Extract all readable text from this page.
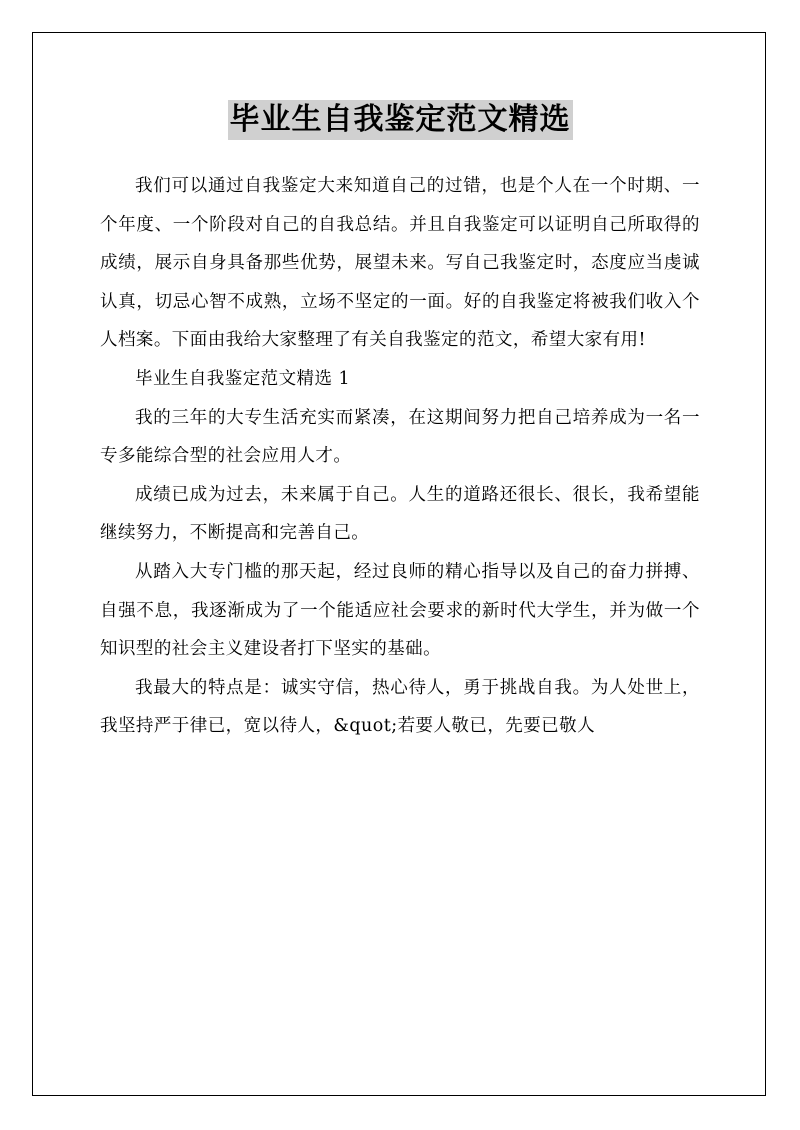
毕业生自我鉴定范文精选

我们可以通过自我鉴定大来知道自己的过错，也是个人在一个时期、一个年度、一个阶段对自己的自我总结。并且自我鉴定可以证明自己所取得的成绩，展示自身具备那些优势，展望未来。写自己我鉴定时，态度应当虔诚认真，切忌心智不成熟，立场不坚定的一面。好的自我鉴定将被我们收入个人档案。下面由我给大家整理了有关自我鉴定的范文，希望大家有用!

毕业生自我鉴定范文精选 1

我的三年的大专生活充实而紧凑，在这期间努力把自己培养成为一名一专多能综合型的社会应用人才。

成绩已成为过去，未来属于自己。人生的道路还很长、很长，我希望能继续努力，不断提高和完善自己。

从踏入大专门槛的那天起，经过良师的精心指导以及自己的奋力拼搏、自强不息，我逐渐成为了一个能适应社会要求的新时代大学生，并为做一个知识型的社会主义建设者打下坚实的基础。

我最大的特点是：诚实守信，热心待人，勇于挑战自我。为人处世上，我坚持严于律已，宽以待人，&quot;若要人敬已，先要已敬人
